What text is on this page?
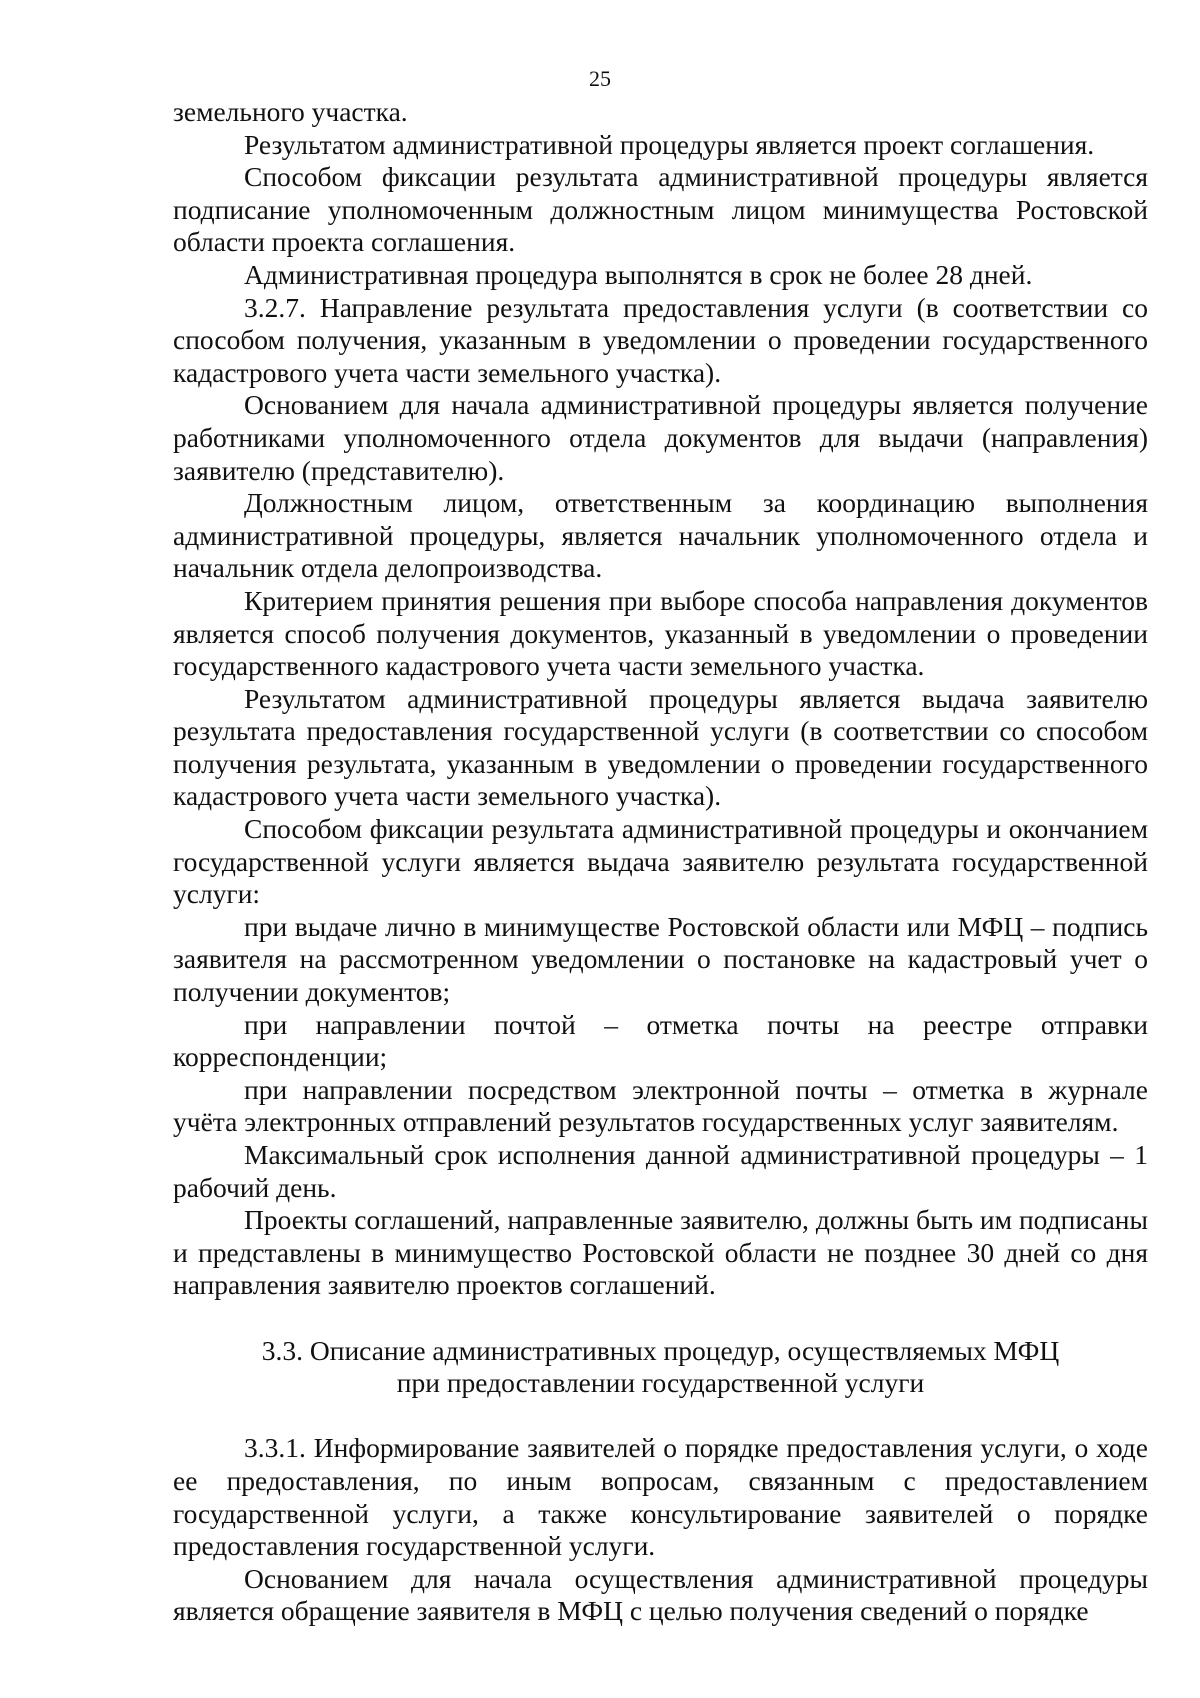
25

земельного участка.

Результатом административной процедуры является проект соглашения.

Способом фиксации результата административной процедуры является подписание уполномоченным должностным лицом минимущества Ростовской области проекта соглашения.

Административная процедура выполнятся в срок не более 28 дней.

3.2.7. Направление результата предоставления услуги (в соответствии со способом получения, указанным в уведомлении о проведении государственного кадастрового учета части земельного участка).

Основанием для начала административной процедуры является получение работниками уполномоченного отдела документов для выдачи (направления) заявителю (представителю).

Должностным лицом, ответственным за координацию выполнения административной процедуры, является начальник уполномоченного отдела и начальник отдела делопроизводства.

Критерием принятия решения при выборе способа направления документов является способ получения документов, указанный в уведомлении о проведении государственного кадастрового учета части земельного участка.

Результатом административной процедуры является выдача заявителю результата предоставления государственной услуги (в соответствии со способом получения результата, указанным в уведомлении о проведении государственного кадастрового учета части земельного участка).

Способом фиксации результата административной процедуры и окончанием государственной услуги является выдача заявителю результата государственной услуги:

при выдаче лично в минимуществе Ростовской области или МФЦ – подпись заявителя на рассмотренном уведомлении о постановке на кадастровый учет о получении документов;

при направлении почтой – отметка почты на реестре отправки корреспонденции;

при направлении посредством электронной почты – отметка в журнале учёта электронных отправлений результатов государственных услуг заявителям.

Максимальный срок исполнения данной административной процедуры – 1 рабочий день.

Проекты соглашений, направленные заявителю, должны быть им подписаны и представлены в минимущество Ростовской области не позднее 30 дней со дня направления заявителю проектов соглашений.

3.3. Описание административных процедур, осуществляемых МФЦ

при предоставлении государственной услуги

3.3.1. Информирование заявителей о порядке предоставления услуги, о ходе ее предоставления, по иным вопросам, связанным с предоставлением государственной услуги, а также консультирование заявителей о порядке предоставления государственной услуги.

Основанием для начала осуществления административной процедуры является обращение заявителя в МФЦ с целью получения сведений о порядке
